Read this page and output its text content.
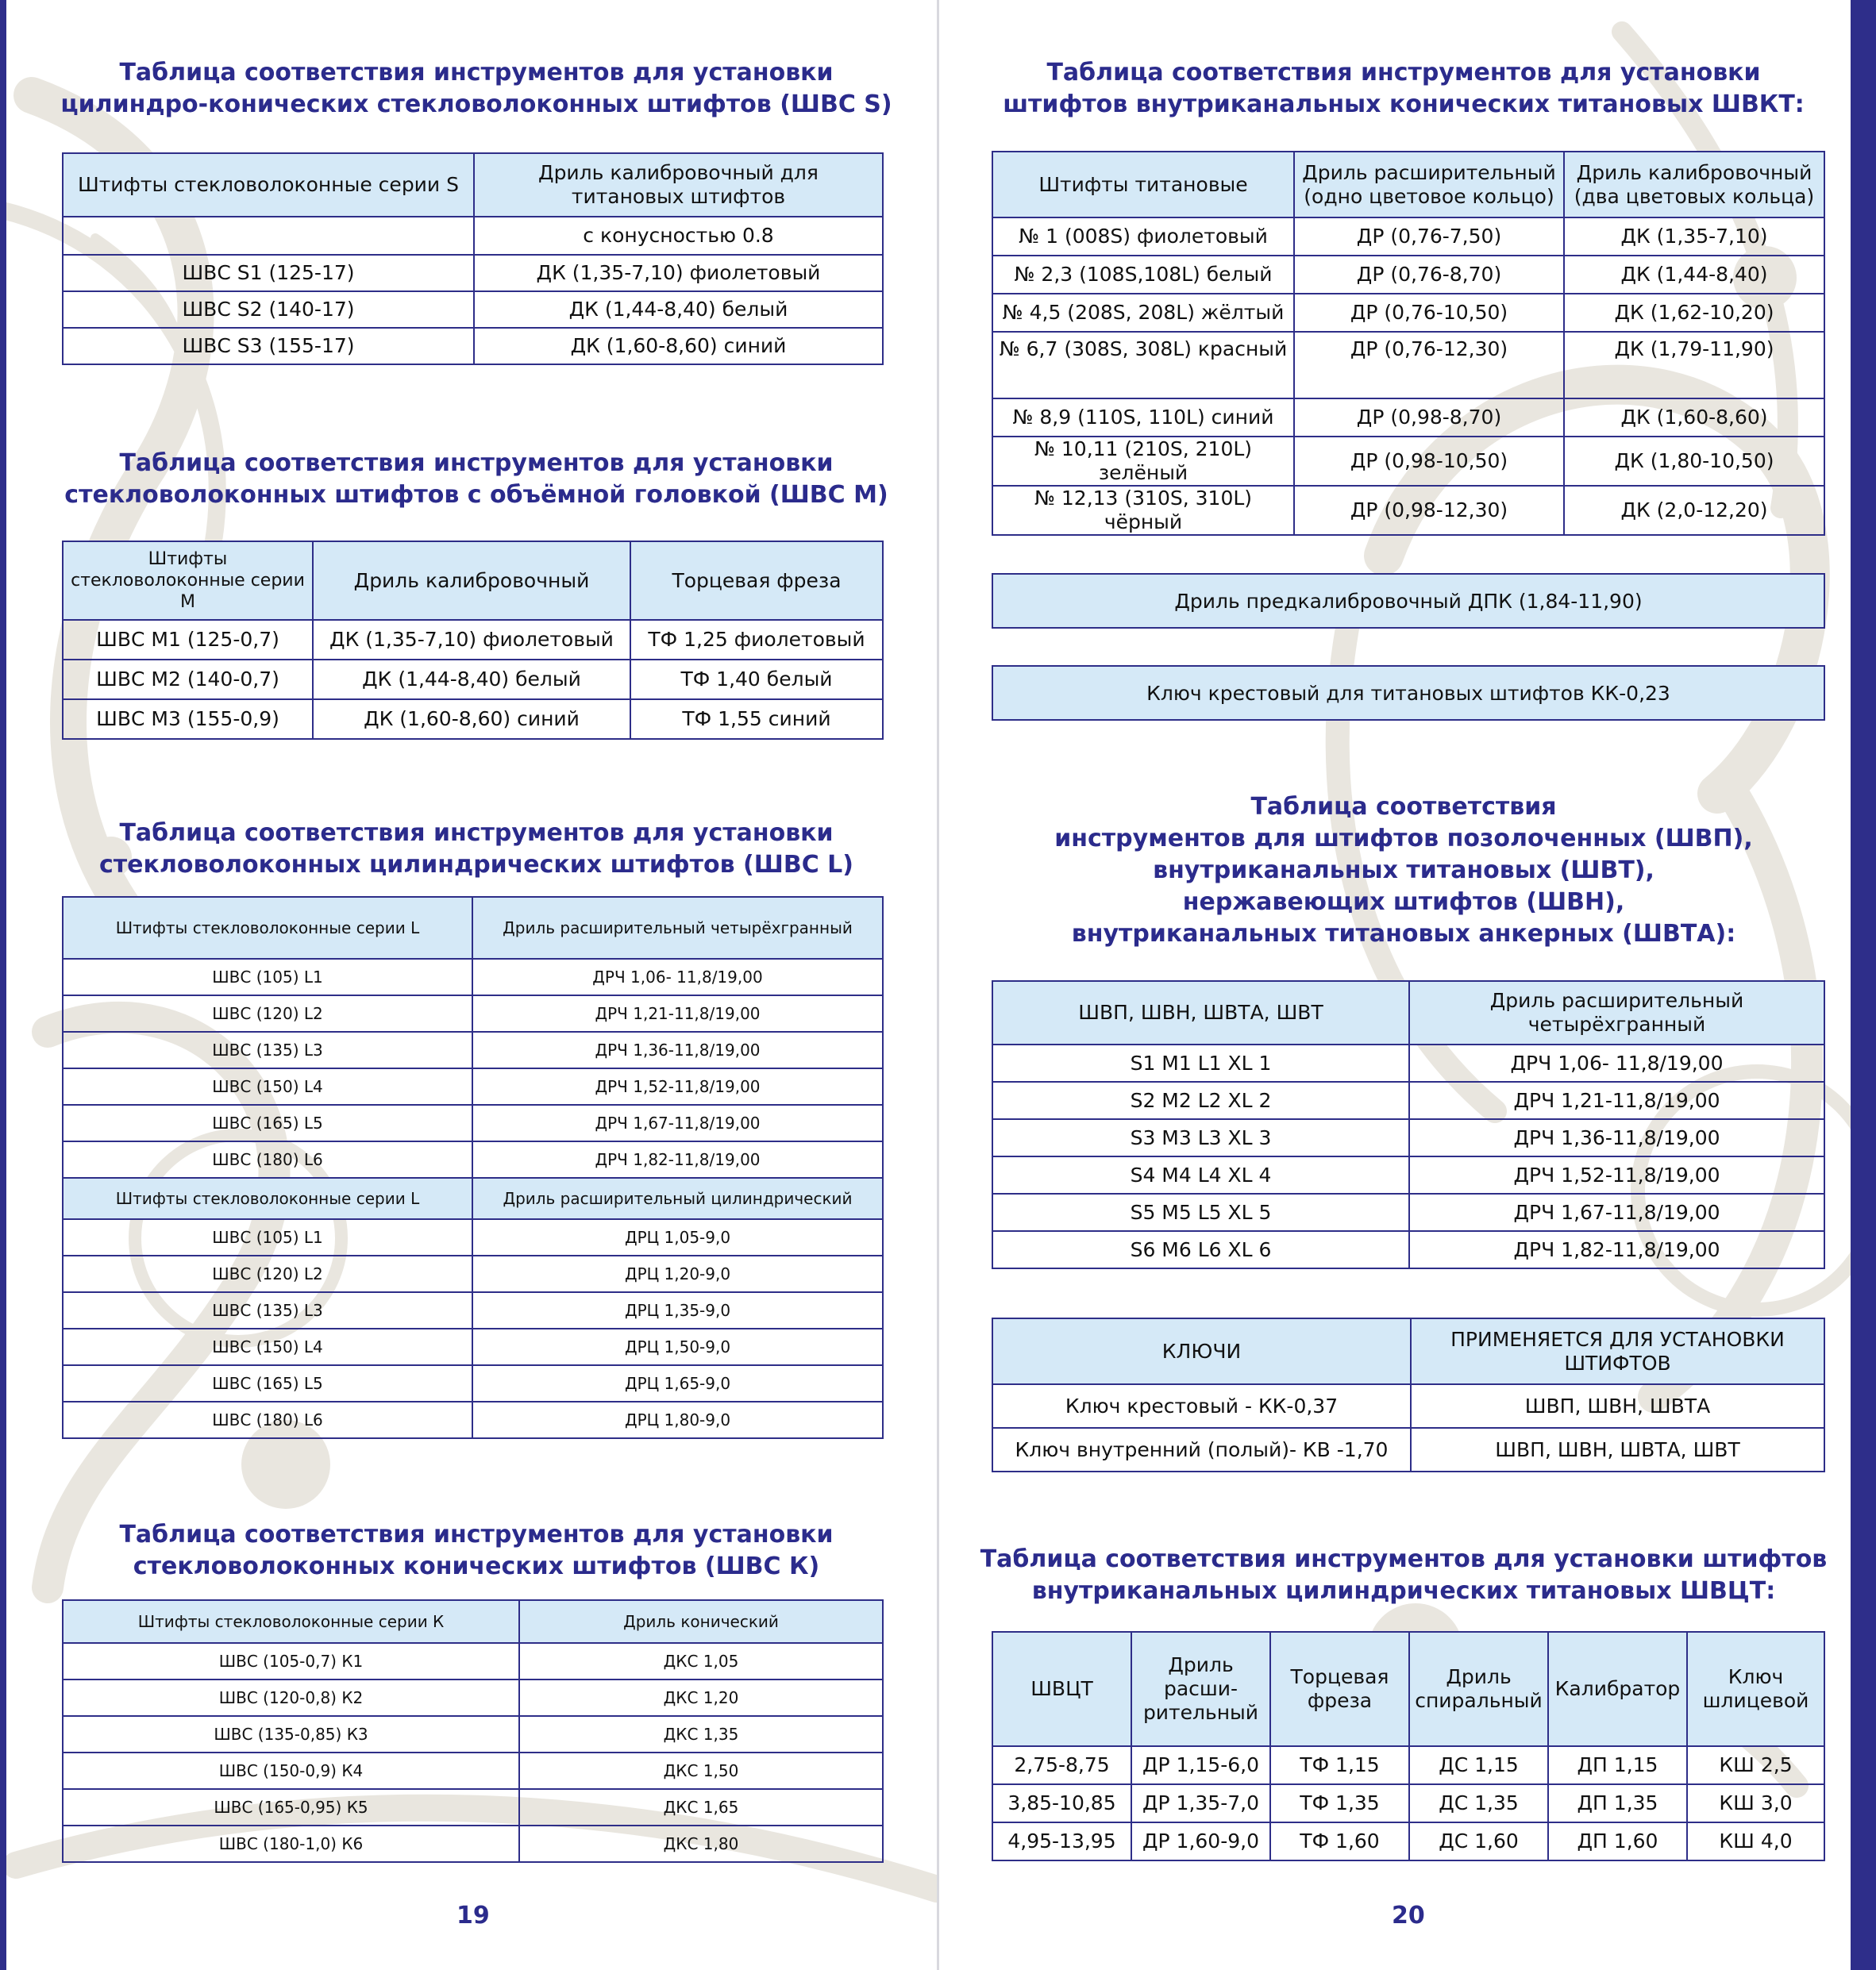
Таблица соответствия инструментов для установки
цилиндро-конических стекловолоконных штифтов (ШВС S)
Штифты стекловолоконные серии S	Дриль калибровочный для титановых штифтов
	с конусностью 0.8
ШВС S1 (125-17)	ДК (1,35-7,10) фиолетовый
ШВС S2 (140-17)	ДК (1,44-8,40) белый
ШВС S3 (155-17)	ДК (1,60-8,60) синий
Таблица соответствия инструментов для установки
стекловолоконных штифтов с объёмной головкой (ШВС М)
Штифты стекловолоконные серии М	Дриль калибровочный	Торцевая фреза
ШВС М1 (125-0,7)	ДК (1,35-7,10) фиолетовый	ТФ 1,25 фиолетовый
ШВС М2 (140-0,7)	ДК (1,44-8,40) белый	ТФ 1,40 белый
ШВС М3 (155-0,9)	ДК (1,60-8,60) синий	ТФ 1,55 синий
Таблица соответствия инструментов для установки
стекловолоконных цилиндрических штифтов (ШВС L)
Штифты стекловолоконные серии L	Дриль расширительный четырёхгранный
ШВС (105) L1	ДРЧ 1,06- 11,8/19,00
ШВС (120) L2	ДРЧ 1,21-11,8/19,00
ШВС (135) L3	ДРЧ 1,36-11,8/19,00
ШВС (150) L4	ДРЧ 1,52-11,8/19,00
ШВС (165) L5	ДРЧ 1,67-11,8/19,00
ШВС (180) L6	ДРЧ 1,82-11,8/19,00
Штифты стекловолоконные серии L	Дриль расширительный цилиндрический
ШВС (105) L1	ДРЦ 1,05-9,0
ШВС (120) L2	ДРЦ 1,20-9,0
ШВС (135) L3	ДРЦ 1,35-9,0
ШВС (150) L4	ДРЦ 1,50-9,0
ШВС (165) L5	ДРЦ 1,65-9,0
ШВС (180) L6	ДРЦ 1,80-9,0
Таблица соответствия инструментов для установки
стекловолоконных конических штифтов (ШВС К)
Штифты стекловолоконные серии К	Дриль конический
ШВС (105-0,7) К1	ДКС 1,05
ШВС (120-0,8) К2	ДКС 1,20
ШВС (135-0,85) К3	ДКС 1,35
ШВС (150-0,9) К4	ДКС 1,50
ШВС (165-0,95) К5	ДКС 1,65
ШВС (180-1,0) К6	ДКС 1,80
19
Таблица соответствия инструментов для установки
штифтов внутриканальных конических титановых ШВКТ:
Штифты титановые	Дриль расширительный (одно цветовое кольцо)	Дриль калибровочный (два цветовых кольца)
№ 1 (008S) фиолетовый	ДР (0,76-7,50)	ДК (1,35-7,10)
№ 2,3 (108S,108L) белый	ДР (0,76-8,70)	ДК (1,44-8,40)
№ 4,5 (208S, 208L) жёлтый	ДР (0,76-10,50)	ДК (1,62-10,20)
№ 6,7 (308S, 308L) красный	ДР (0,76-12,30)	ДК (1,79-11,90)
№ 8,9 (110S, 110L) синий	ДР (0,98-8,70)	ДК (1,60-8,60)
№ 10,11 (210S, 210L) зелёный	ДР (0,98-10,50)	ДК (1,80-10,50)
№ 12,13 (310S, 310L) чёрный	ДР (0,98-12,30)	ДК (2,0-12,20)
Дриль предкалибровочный ДПК (1,84-11,90)
Ключ крестовый для титановых штифтов КК-0,23
Таблица соответствия
инструментов для штифтов позолоченных (ШВП),
внутриканальных титановых (ШВТ),
нержавеющих штифтов (ШВН),
внутриканальных титановых анкерных (ШВТА):
ШВП, ШВН, ШВТА, ШВТ	Дриль расширительный четырёхгранный
S1 M1 L1 XL 1	ДРЧ 1,06- 11,8/19,00
S2 M2 L2 XL 2	ДРЧ 1,21-11,8/19,00
S3 M3 L3 XL 3	ДРЧ 1,36-11,8/19,00
S4 M4 L4 XL 4	ДРЧ 1,52-11,8/19,00
S5 M5 L5 XL 5	ДРЧ 1,67-11,8/19,00
S6 M6 L6 XL 6	ДРЧ 1,82-11,8/19,00
КЛЮЧИ	ПРИМЕНЯЕТСЯ ДЛЯ УСТАНОВКИ ШТИФТОВ
Ключ крестовый - КК-0,37	ШВП, ШВН, ШВТА
Ключ внутренний (полый)- КВ -1,70	ШВП, ШВН, ШВТА, ШВТ
Таблица соответствия инструментов для установки штифтов
внутриканальных цилиндрических титановых ШВЦТ:
ШВЦТ	Дриль расши-рительный	Торцевая фреза	Дриль спиральный	Калибратор	Ключ шлицевой
2,75-8,75	ДР 1,15-6,0	ТФ 1,15	ДС 1,15	ДП 1,15	КШ 2,5
3,85-10,85	ДР 1,35-7,0	ТФ 1,35	ДС 1,35	ДП 1,35	КШ 3,0
4,95-13,95	ДР 1,60-9,0	ТФ 1,60	ДС 1,60	ДП 1,60	КШ 4,0
20
